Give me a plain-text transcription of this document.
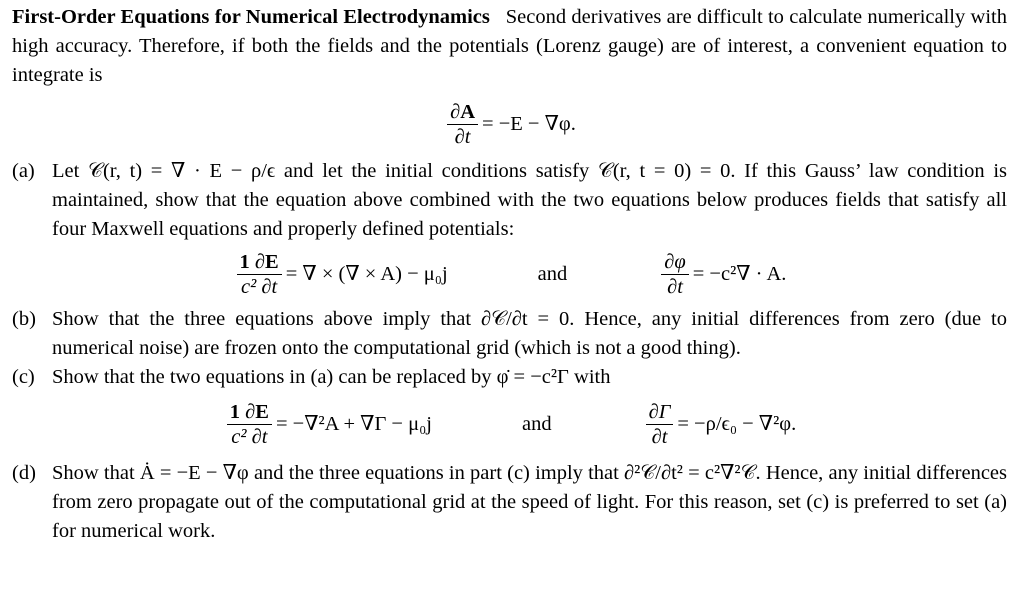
First-Order Equations for Numerical Electrodynamics Second derivatives are difficult to calculate numerically with high accuracy. Therefore, if both the fields and the potentials (Lorenz gauge) are of interest, a convenient equation to integrate is

$\frac{\partial A}{\partial t} = -E - \nabla\varphi$.
(a) Let 𝒞(r, t) = ∇ · E − ρ/ϵ and let the initial conditions satisfy 𝒞(r, t = 0) = 0. If this Gauss’ law condition is maintained, show that the equation above combined with the two equations below produces fields that satisfy all four Maxwell equations and properly defined potentials:
$\frac{1 \partial E}{\text{c² ∂t}}$ = ∇ × (∇ × A) − μ₀j	and	$\frac{\partial\varphi}{\partial t} = -c^2\nabla \cdot A$.
(b) Show that the three equations above imply that ∂𝒞/∂t = 0. Hence, any initial differences from zero (due to numerical noise) are frozen onto the computational grid (which is not a good thing).
(c) Show that the two equations in (a) can be replaced by φ̇ = −c²Γ with
$\frac{1 \partial E}{\text{c² ∂t}} = -\nabla^2A + \nabla\Gamma - \mu_0j$	and	$\frac{\partial\Gamma}{\partial t} = -\rho/\epsilon_0 - \nabla^2\varphi$.
(d) Show that Ȧ = −E − ∇φ and the three equations in part (c) imply that ∂²𝒞/∂t² = c²∇²𝒞. Hence, any initial differences from zero propagate out of the computational grid at the speed of light. For this reason, set (c) is preferred to set (a) for numerical work.
